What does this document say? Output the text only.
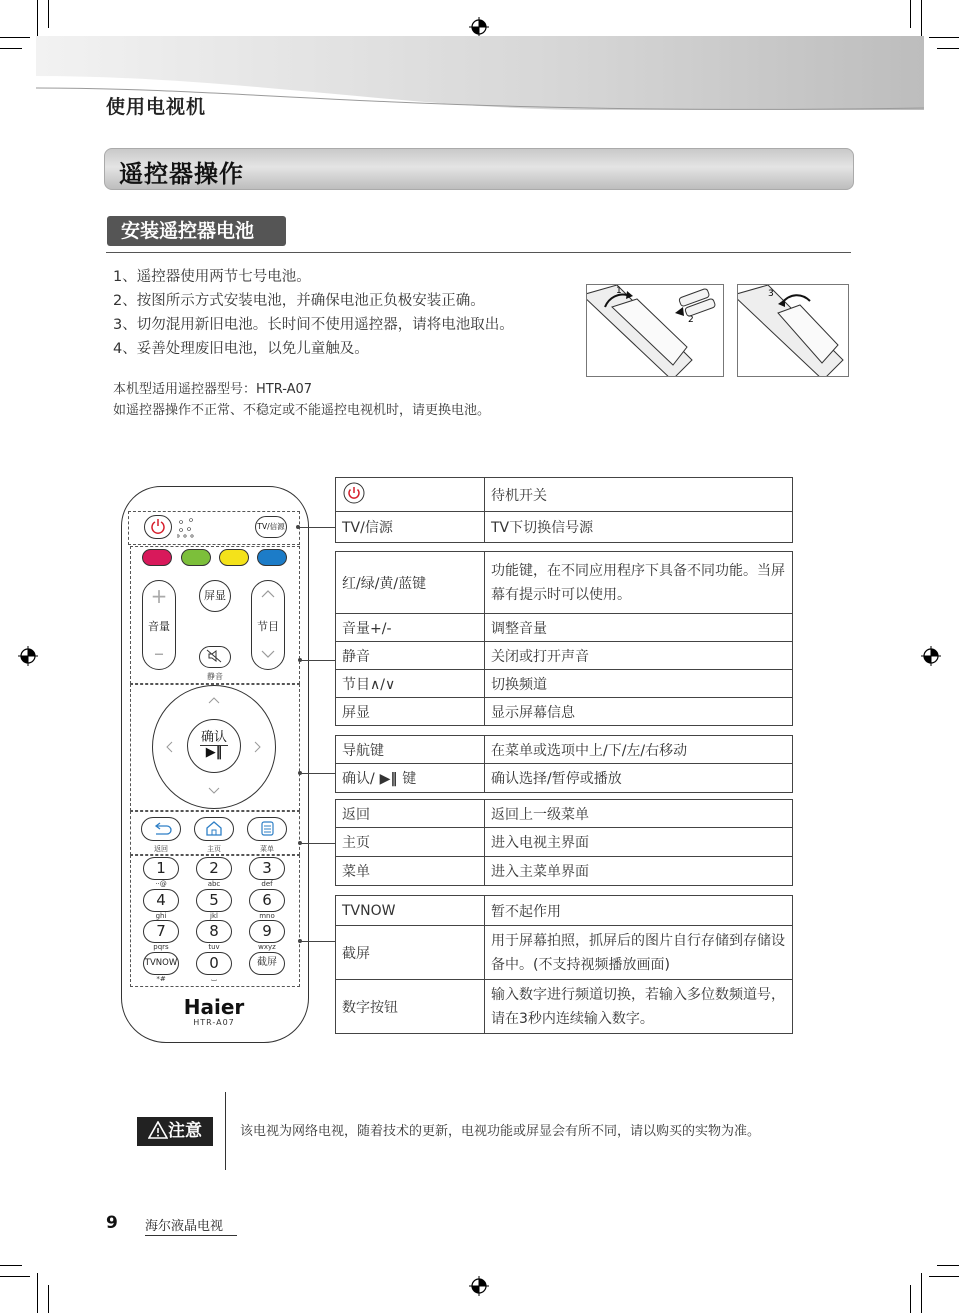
使用电视机
遥控器操作
安装遥控器电池
1、遥控器使用两节七号电池。
2、按图所示方式安装电池，并确保电池正负极安装正确。
3、切勿混用新旧电池。长时间不使用遥控器，请将电池取出。
4、妥善处理废旧电池，以免儿童触及。
本机型适用遥控器型号：HTR-A07
如遥控器操作不正常、不稳定或不能遥控电视机时，请更换电池。
1
2
3
TV/信源
+
音量
–
屏显
静音
节目
确认
▶‖
返回	主页	菜单
1	2	3
··@	abc	def
4	5	6
ghi	jkl	mno
7	8	9
pqrs	tuv	wxyz
TVNOW	0	截屏
*#	⌴
Haier
HTR-A07
	待机开关
TV/信源	TV下切换信号源
红/绿/黄/蓝键	功能键，在不同应用程序下具备不同功能。当屏幕有提示时可以使用。
音量+/-	调整音量
静音	关闭或打开声音
节目∧/∨	切换频道
屏显	显示屏幕信息
导航键	在菜单或选项中上/下/左/右移动
确认/ ▶‖ 键	确认选择/暂停或播放
返回	返回上一级菜单
主页	进入电视主界面
菜单	进入主菜单界面
TVNOW	暂不起作用
截屏	用于屏幕拍照，抓屏后的图片自行存储到存储设备中。(不支持视频播放画面)
数字按钮	输入数字进行频道切换，若输入多位数频道号，请在3秒内连续输入数字。
注意	该电视为网络电视，随着技术的更新，电视功能或屏显会有所不同，请以购买的实物为准。
9 海尔液晶电视
